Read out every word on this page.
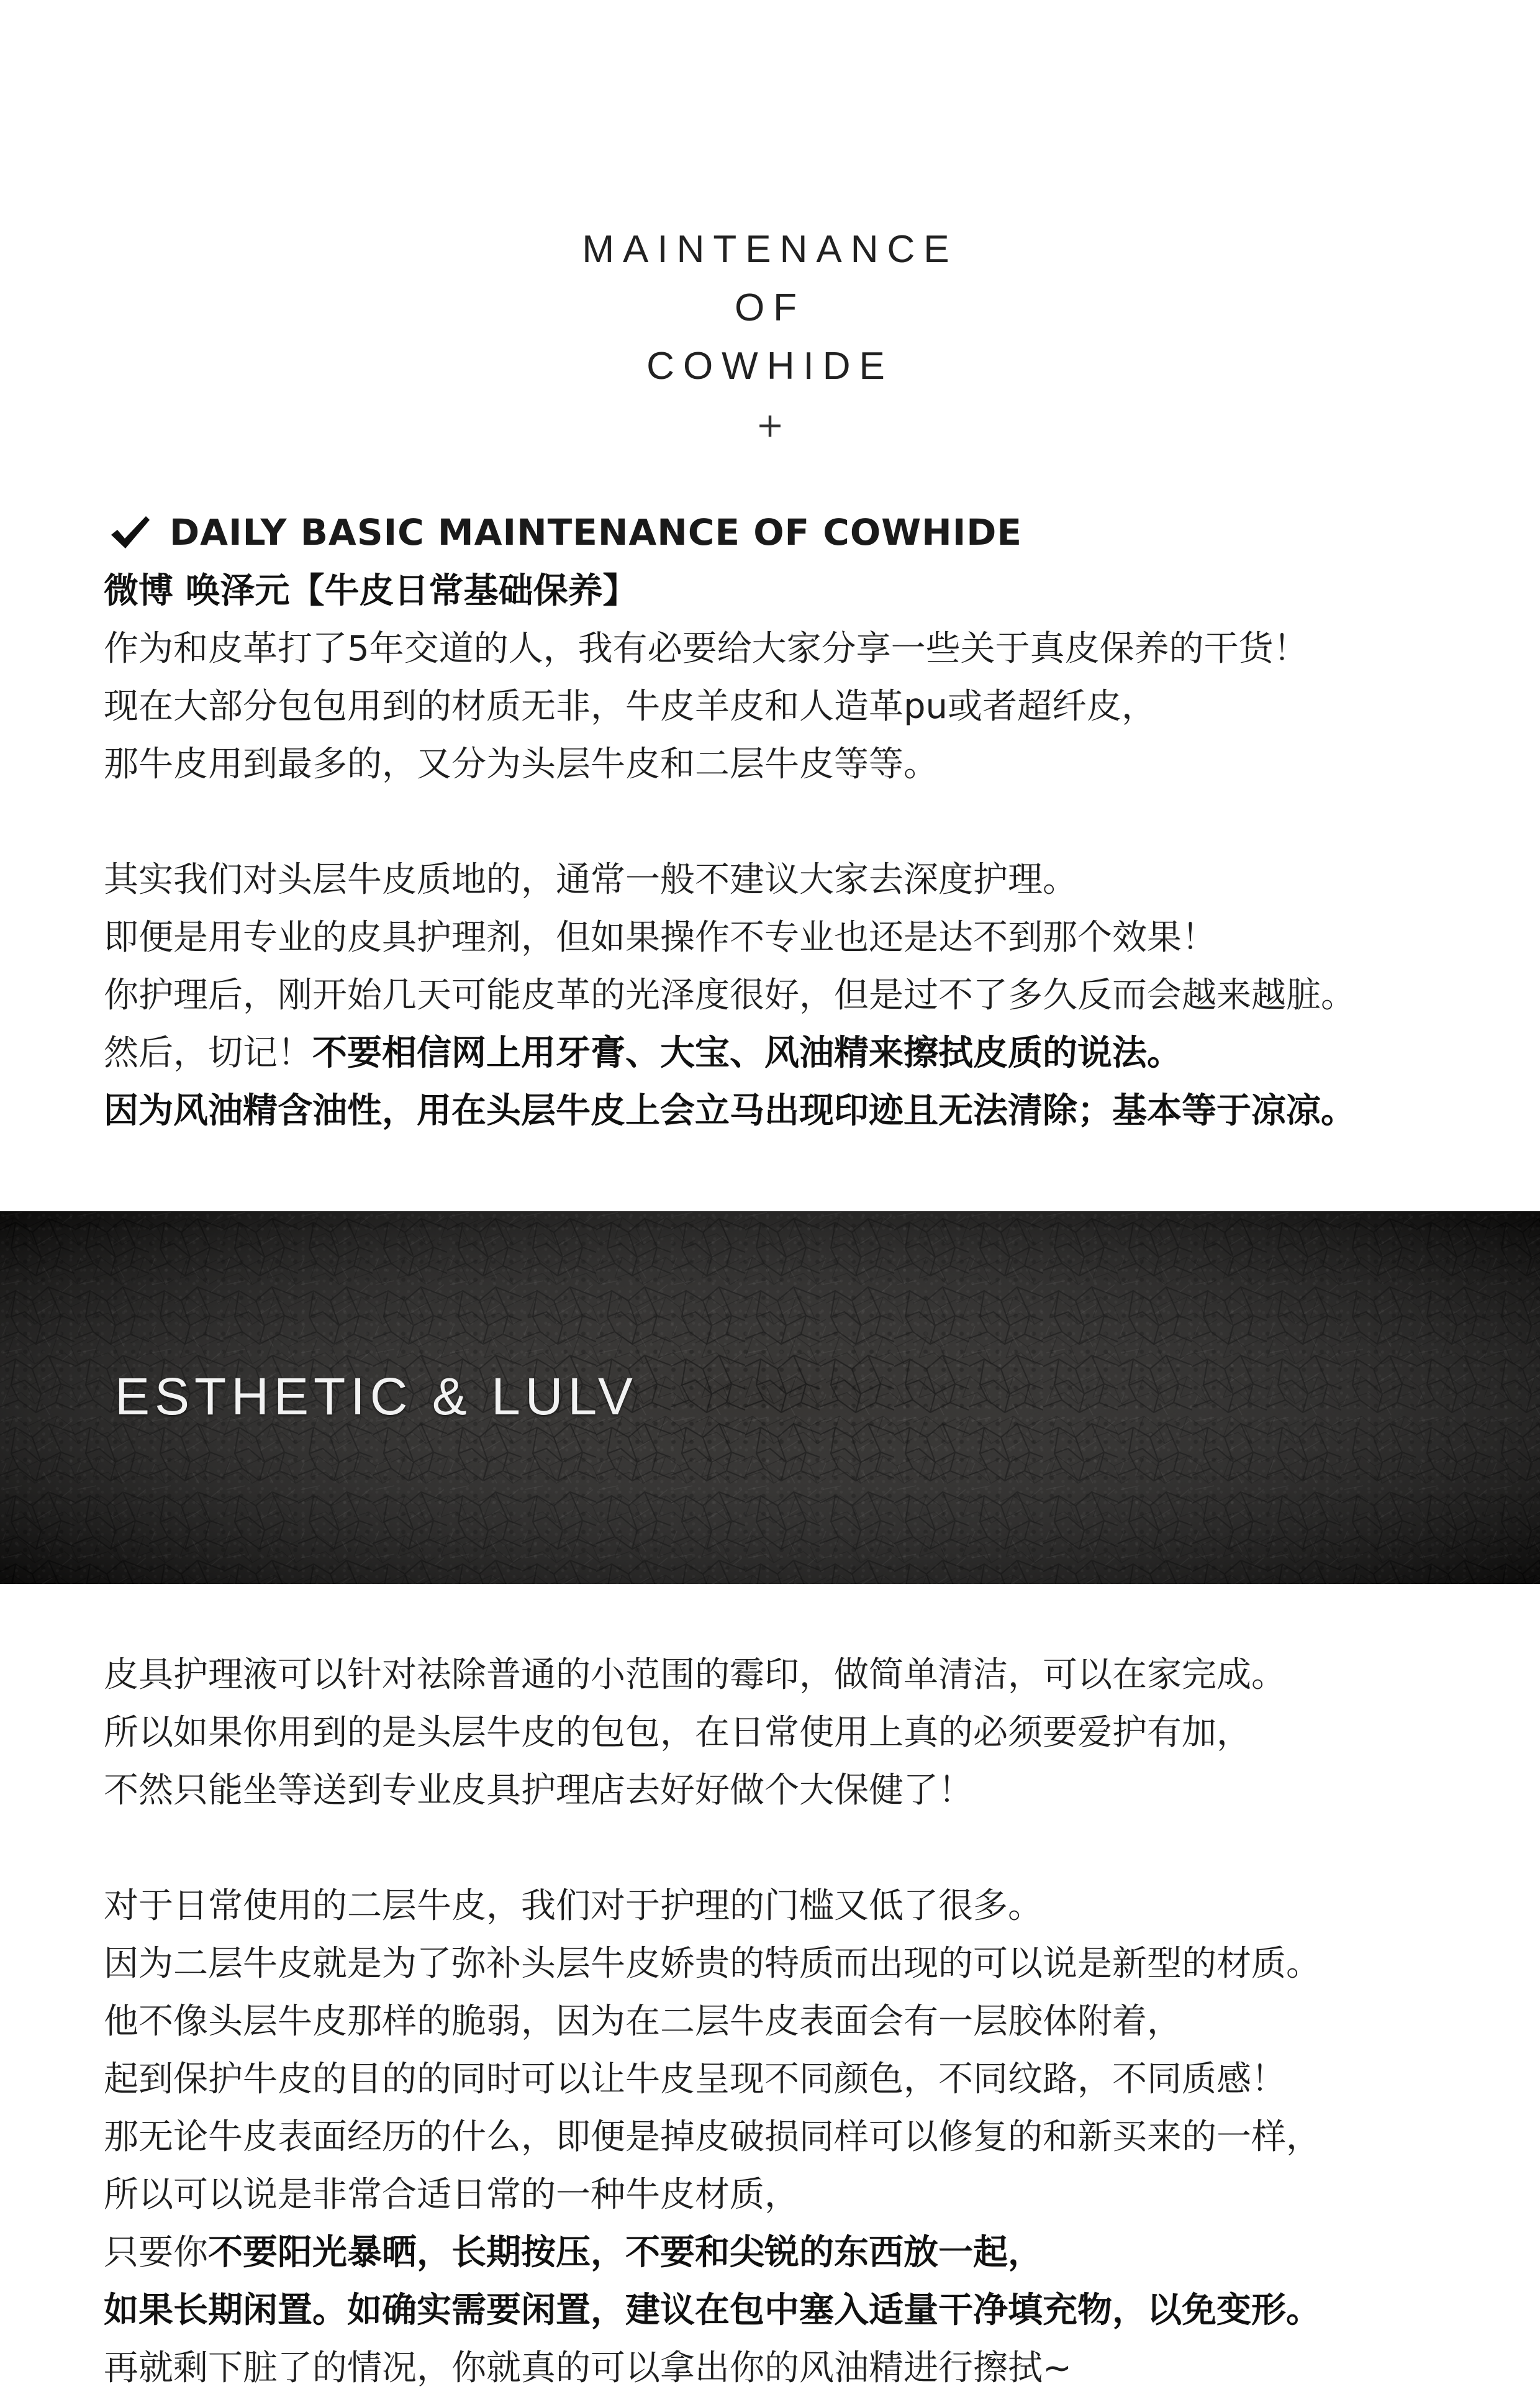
MAINTENANCE
OF
COWHIDE
+
DAILY BASIC MAINTENANCE OF COWHIDE
微博 唤泽元【牛皮日常基础保养】
作为和皮革打了5年交道的人，我有必要给大家分享一些关于真皮保养的干货！
现在大部分包包用到的材质无非，牛皮羊皮和人造革pu或者超纤皮，
那牛皮用到最多的，又分为头层牛皮和二层牛皮等等。
其实我们对头层牛皮质地的，通常一般不建议大家去深度护理。
即便是用专业的皮具护理剂，但如果操作不专业也还是达不到那个效果！
你护理后，刚开始几天可能皮革的光泽度很好，但是过不了多久反而会越来越脏。
然后，切记！不要相信网上用牙膏、大宝、风油精来擦拭皮质的说法。
因为风油精含油性，用在头层牛皮上会立马出现印迹且无法清除；基本等于凉凉。
ESTHETIC & LULV
皮具护理液可以针对祛除普通的小范围的霉印，做简单清洁，可以在家完成。
所以如果你用到的是头层牛皮的包包，在日常使用上真的必须要爱护有加，
不然只能坐等送到专业皮具护理店去好好做个大保健了！
对于日常使用的二层牛皮，我们对于护理的门槛又低了很多。
因为二层牛皮就是为了弥补头层牛皮娇贵的特质而出现的可以说是新型的材质。
他不像头层牛皮那样的脆弱，因为在二层牛皮表面会有一层胶体附着，
起到保护牛皮的目的的同时可以让牛皮呈现不同颜色，不同纹路，不同质感！
那无论牛皮表面经历的什么，即便是掉皮破损同样可以修复的和新买来的一样，
所以可以说是非常合适日常的一种牛皮材质，
只要你不要阳光暴晒，长期按压，不要和尖锐的东西放一起，
如果长期闲置。如确实需要闲置，建议在包中塞入适量干净填充物，以免变形。
再就剩下脏了的情况，你就真的可以拿出你的风油精进行擦拭~
